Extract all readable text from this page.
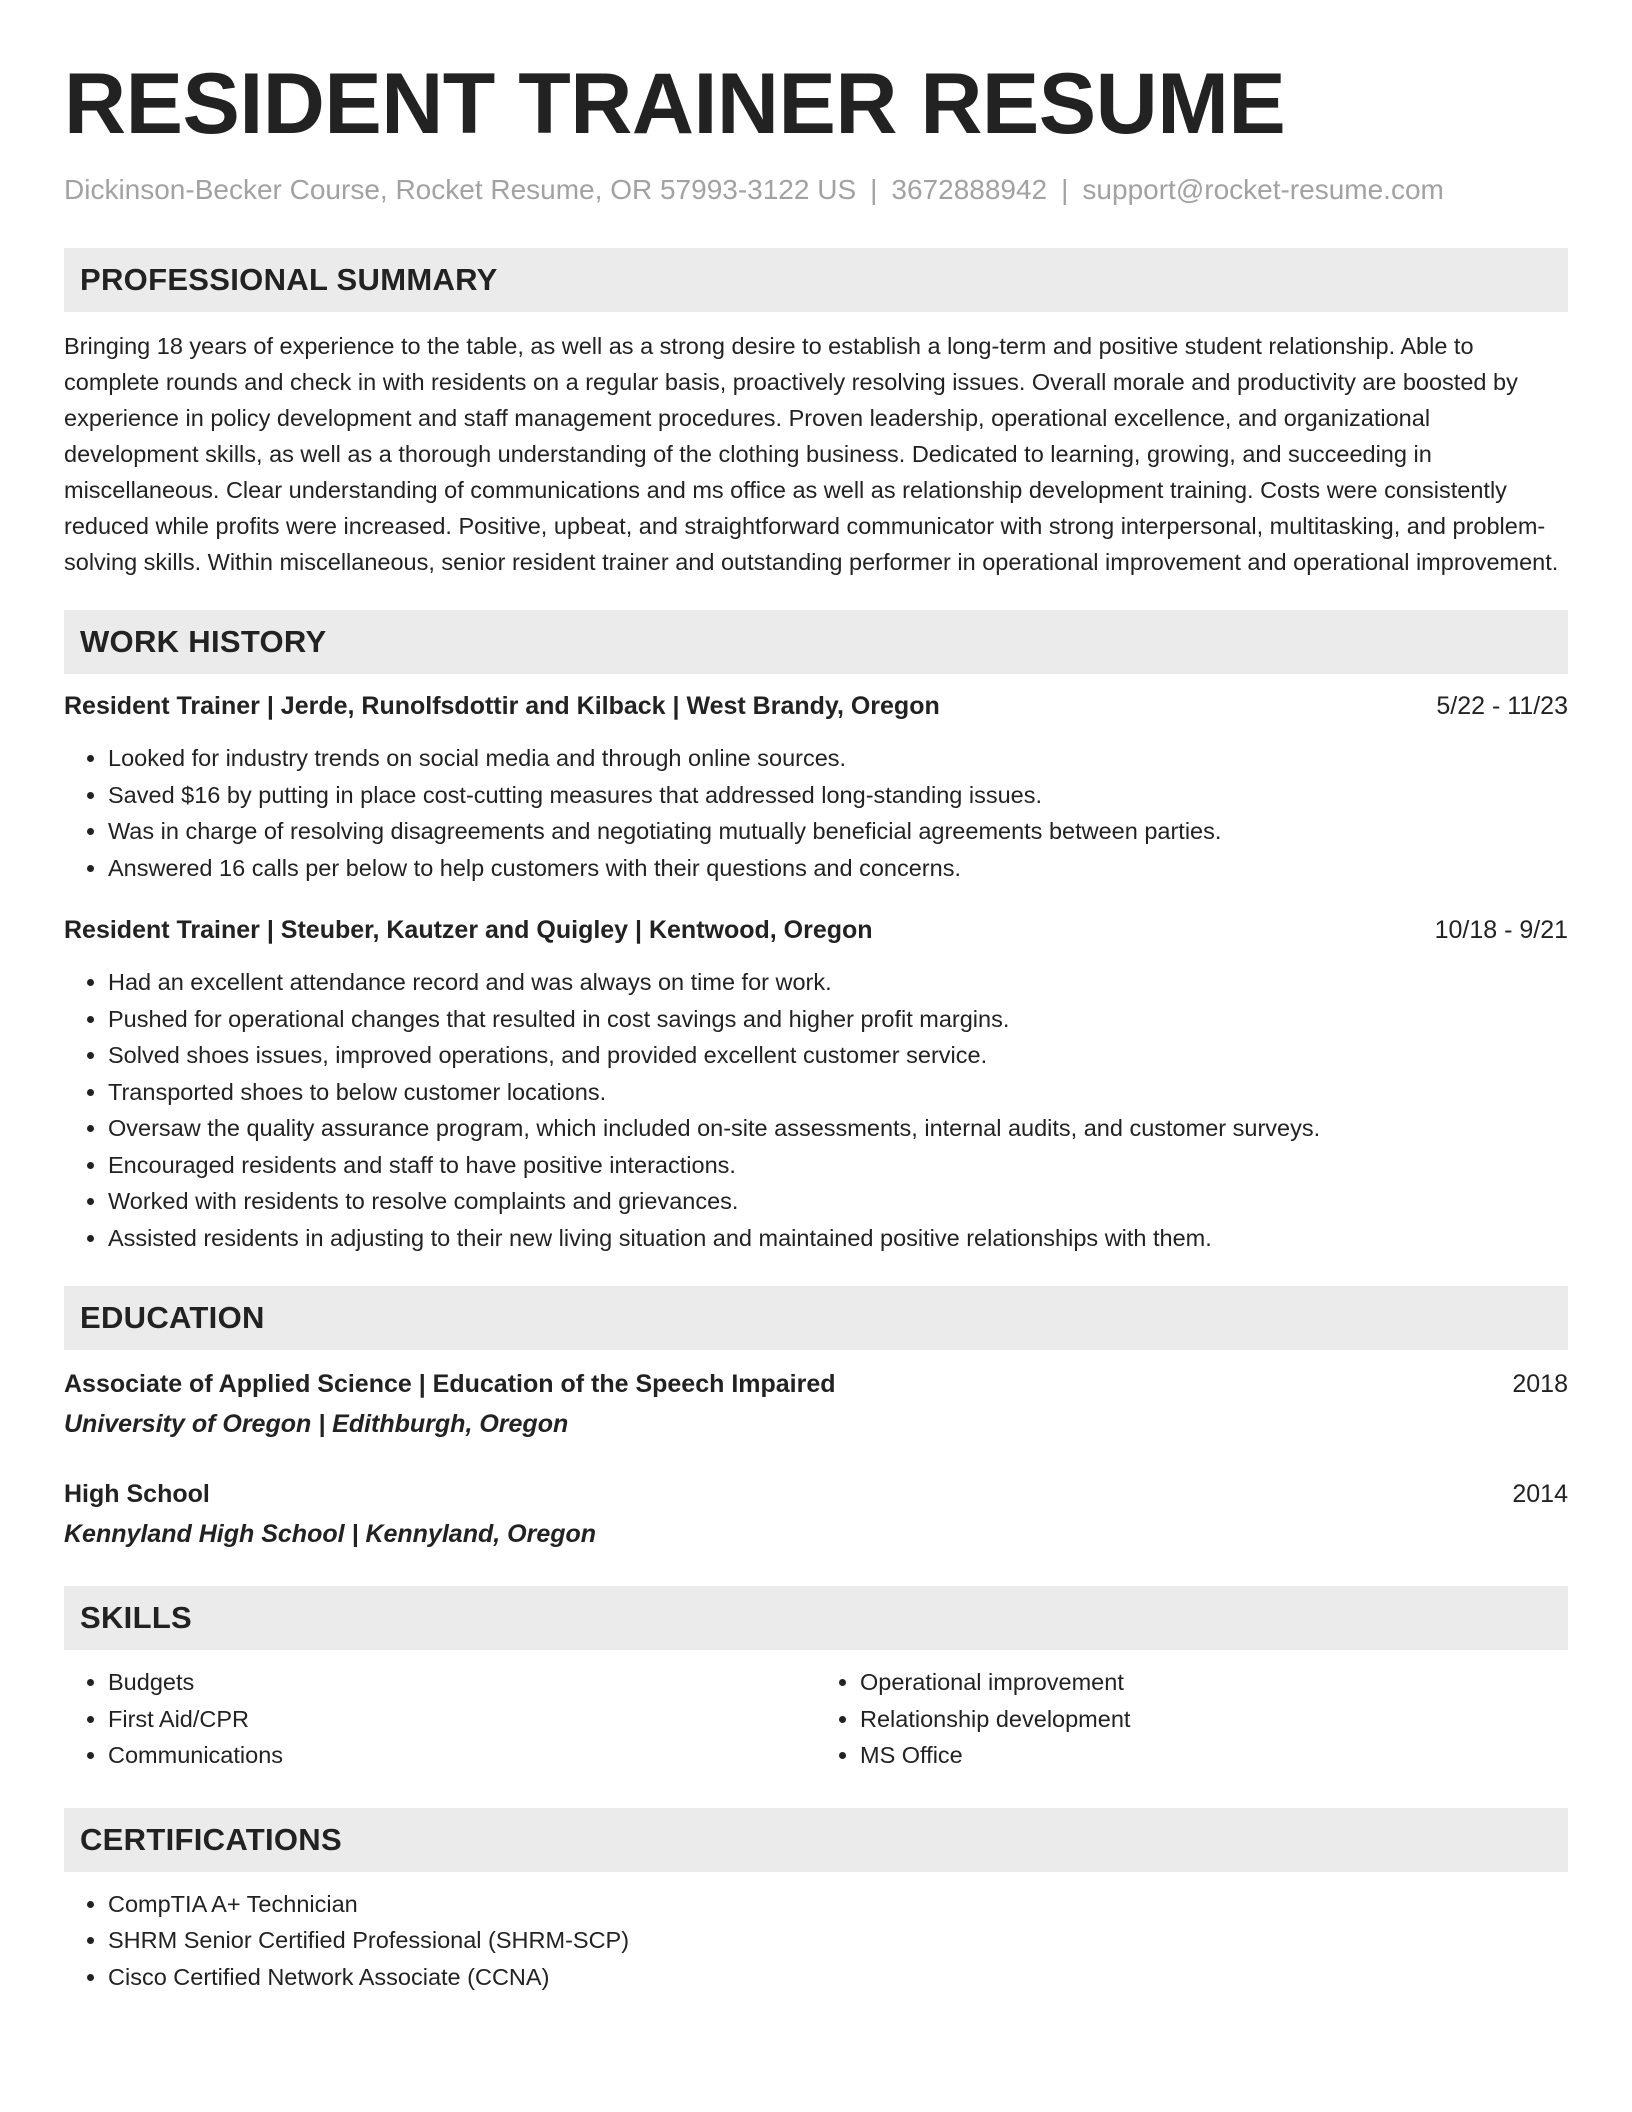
RESIDENT TRAINER RESUME
Dickinson-Becker Course, Rocket Resume, OR 57993-3122 US | 3672888942 | support@rocket-resume.com
PROFESSIONAL SUMMARY

Bringing 18 years of experience to the table, as well as a strong desire to establish a long-term and positive student relationship. Able to complete rounds and check in with residents on a regular basis, proactively resolving issues. Overall morale and productivity are boosted by experience in policy development and staff management procedures. Proven leadership, operational excellence, and organizational development skills, as well as a thorough understanding of the clothing business. Dedicated to learning, growing, and succeeding in miscellaneous. Clear understanding of communications and ms office as well as relationship development training. Costs were consistently reduced while profits were increased. Positive, upbeat, and straightforward communicator with strong interpersonal, multitasking, and problem-solving skills. Within miscellaneous, senior resident trainer and outstanding performer in operational improvement and operational improvement.

WORK HISTORY
Resident Trainer | Jerde, Runolfsdottir and Kilback | West Brandy, Oregon	5/22 - 11/23
• Looked for industry trends on social media and through online sources.
• Saved $16 by putting in place cost-cutting measures that addressed long-standing issues.
• Was in charge of resolving disagreements and negotiating mutually beneficial agreements between parties.
• Answered 16 calls per below to help customers with their questions and concerns.
Resident Trainer | Steuber, Kautzer and Quigley | Kentwood, Oregon	10/18 - 9/21
• Had an excellent attendance record and was always on time for work.
• Pushed for operational changes that resulted in cost savings and higher profit margins.
• Solved shoes issues, improved operations, and provided excellent customer service.
• Transported shoes to below customer locations.
• Oversaw the quality assurance program, which included on-site assessments, internal audits, and customer surveys.
• Encouraged residents and staff to have positive interactions.
• Worked with residents to resolve complaints and grievances.
• Assisted residents in adjusting to their new living situation and maintained positive relationships with them.
EDUCATION
Associate of Applied Science | Education of the Speech Impaired	2018
University of Oregon | Edithburgh, Oregon
High School	2014
Kennyland High School | Kennyland, Oregon
SKILLS
• Budgets
• First Aid/CPR
• Communications
• Operational improvement
• Relationship development
• MS Office
CERTIFICATIONS
• CompTIA A+ Technician
• SHRM Senior Certified Professional (SHRM-SCP)
• Cisco Certified Network Associate (CCNA)
